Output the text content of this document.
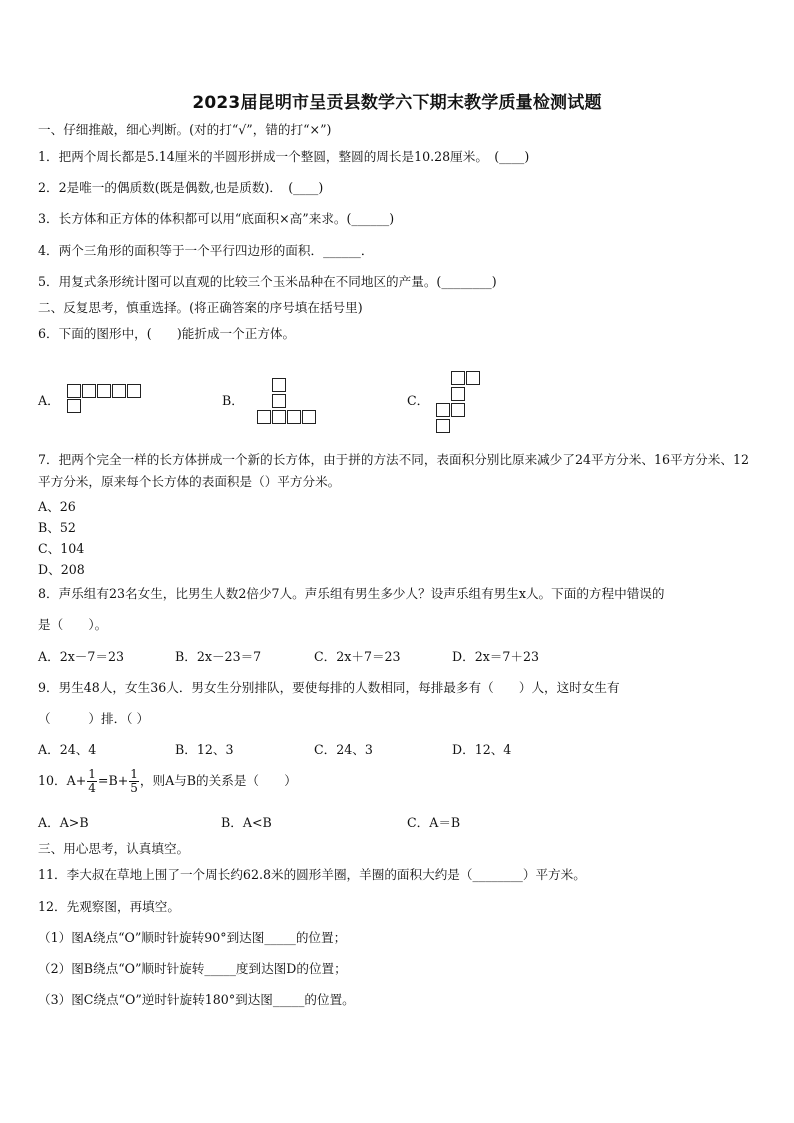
2023届昆明市呈贡县数学六下期末教学质量检测试题
一、仔细推敲，细心判断。(对的打“√”，错的打“×”)
1．把两个周长都是5.14厘米的半圆形拼成一个整圆，整圆的周长是10.28厘米。　(____)
2．2是唯一的偶质数(既是偶数,也是质数)．　(____)
3．长方体和正方体的体积都可以用“底面积×高”来求。(______)
4．两个三角形的面积等于一个平行四边形的面积．______．
5．用复式条形统计图可以直观的比较三个玉米品种在不同地区的产量。(________)
二、反复思考，慎重选择。(将正确答案的序号填在括号里)
6．下面的图形中，(　　)能折成一个正方体。
A．	B．	C．
7．把两个完全一样的长方体拼成一个新的长方体，由于拼的方法不同，表面积分别比原来减少了24平方分米、16平方分米、12平方分米，原来每个长方体的表面积是（）平方分米。
A、26
B、52
C、104
D、208
8．声乐组有23名女生，比男生人数2倍少7人。声乐组有男生多少人？设声乐组有男生x人。下面的方程中错误的
是（　　）。
A．2x－7＝23	B．2x－23＝7	C．2x＋7＝23	D．2x＝7＋23
9．男生48人，女生36人．男女生分别排队，要使每排的人数相同，每排最多有（　　）人，这时女生有
（　　　）排．（ ）
A．24、4	B．12、3	C．24、3	D．12、4
10．$A+ \frac{1}{4} =B+ \frac{1}{5}$ ，则A与B的关系是（　　）
A．A>B	B．A<B	C．A＝B
三、用心思考，认真填空。
11．李大叔在草地上围了一个周长约62.8米的圆形羊圈，羊圈的面积大约是（________）平方米。
12．先观察图，再填空。
（1）图A绕点“O”顺时针旋转90°到达图_____的位置；
（2）图B绕点“O”顺时针旋转_____度到达图D的位置；
（3）图C绕点“O”逆时针旋转180°到达图_____的位置。
